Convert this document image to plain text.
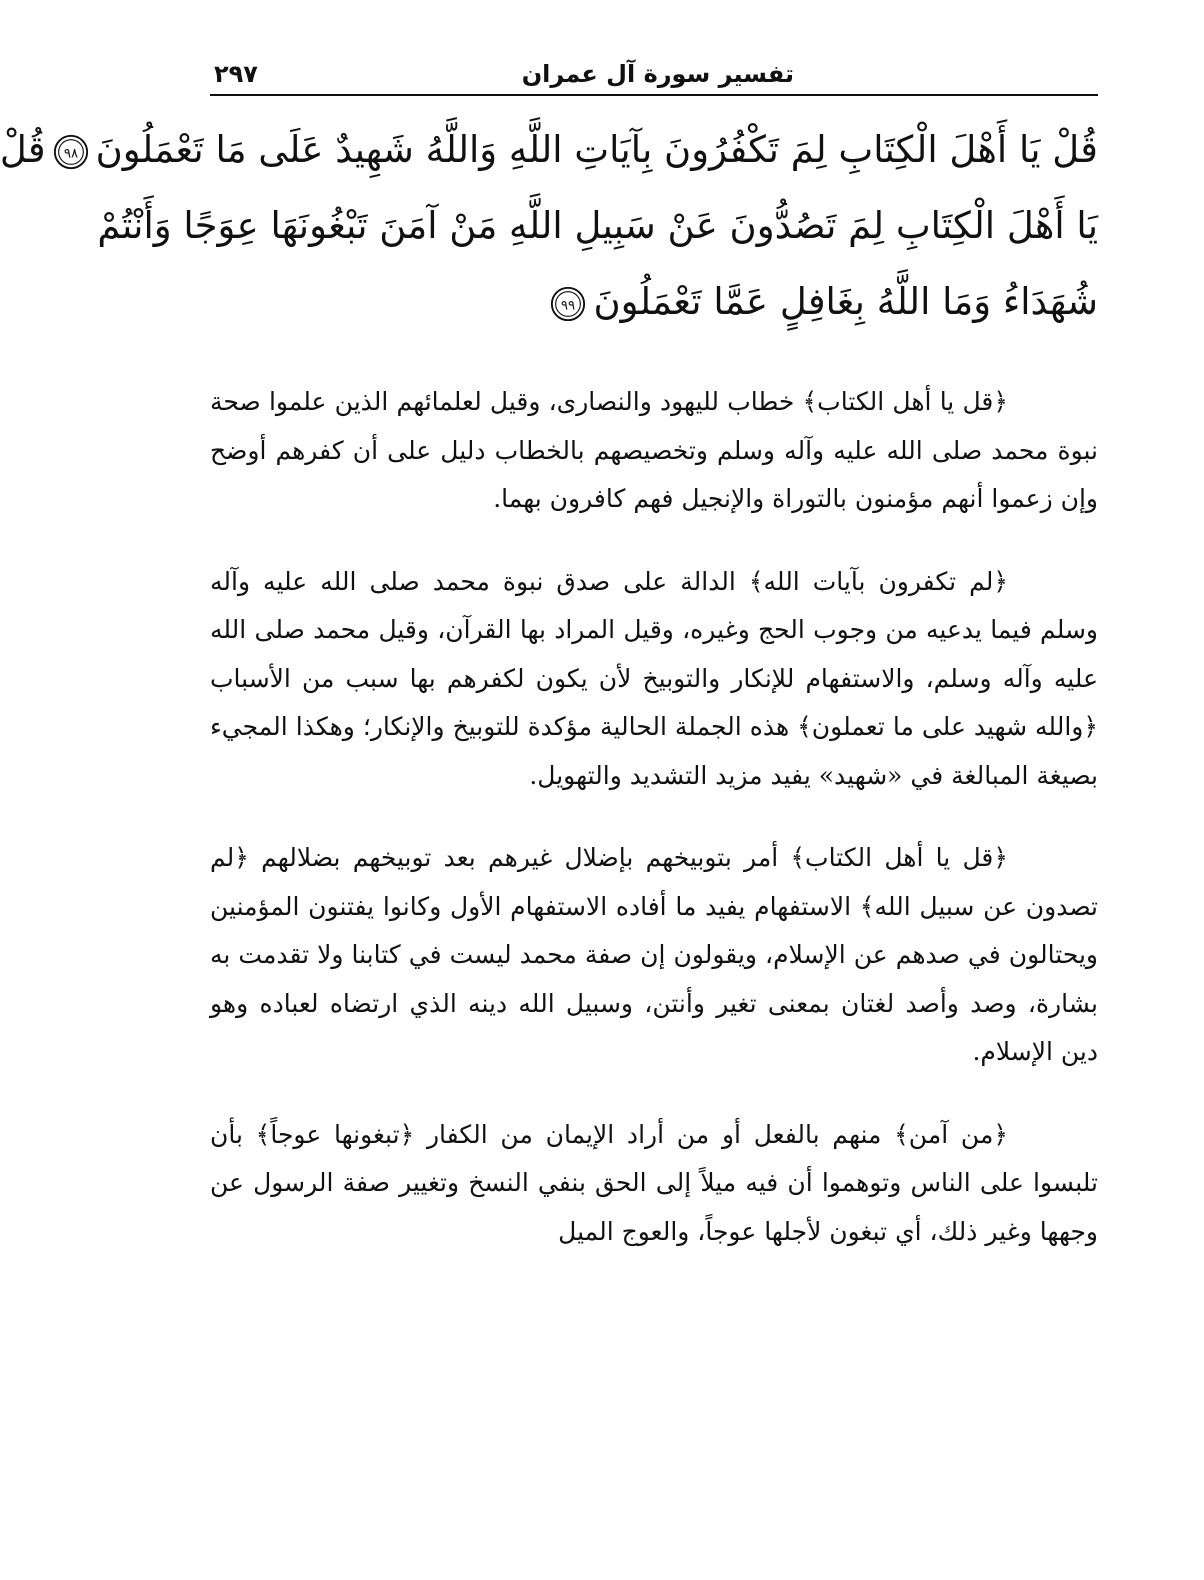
تفسير سورة آل عمران
٢٩٧
قُلْ يَا أَهْلَ الْكِتَابِ لِمَ تَكْفُرُونَ بِآيَاتِ اللَّهِ وَاللَّهُ شَهِيدٌ عَلَى مَا تَعْمَلُونَ
٩٨
قُلْ
يَا أَهْلَ الْكِتَابِ لِمَ تَصُدُّونَ عَنْ سَبِيلِ اللَّهِ مَنْ آمَنَ تَبْغُونَهَا عِوَجًا وَأَنْتُمْ
شُهَدَاءُ وَمَا اللَّهُ بِغَافِلٍ عَمَّا تَعْمَلُونَ
٩٩

﴿قل يا أهل الكتاب﴾ خطاب لليهود والنصارى، وقيل لعلمائهم الذين علموا صحة نبوة محمد صلى الله عليه وآله وسلم وتخصيصهم بالخطاب دليل على أن كفرهم أوضح وإن زعموا أنهم مؤمنون بالتوراة والإنجيل فهم كافرون بهما.

﴿لم تكفرون بآيات الله﴾ الدالة على صدق نبوة محمد صلى الله عليه وآله وسلم فيما يدعيه من وجوب الحج وغيره، وقيل المراد بها القرآن، وقيل محمد صلى الله عليه وآله وسلم، والاستفهام للإنكار والتوبيخ لأن يكون لكفرهم بها سبب من الأسباب ﴿والله شهيد على ما تعملون﴾ هذه الجملة الحالية مؤكدة للتوبيخ والإنكار؛ وهكذا المجيء بصيغة المبالغة في «شهيد» يفيد مزيد التشديد والتهويل.

﴿قل يا أهل الكتاب﴾ أمر بتوبيخهم بإضلال غيرهم بعد توبيخهم بضلالهم ﴿لم تصدون عن سبيل الله﴾ الاستفهام يفيد ما أفاده الاستفهام الأول وكانوا يفتنون المؤمنين ويحتالون في صدهم عن الإسلام، ويقولون إن صفة محمد ليست في كتابنا ولا تقدمت به بشارة، وصد وأصد لغتان بمعنى تغير وأنتن، وسبيل الله دينه الذي ارتضاه لعباده وهو دين الإسلام.

﴿من آمن﴾ منهم بالفعل أو من أراد الإيمان من الكفار ﴿تبغونها عوجاً﴾ بأن تلبسوا على الناس وتوهموا أن فيه ميلاً إلى الحق بنفي النسخ وتغيير صفة الرسول عن وجهها وغير ذلك، أي تبغون لأجلها عوجاً، والعوج الميل
